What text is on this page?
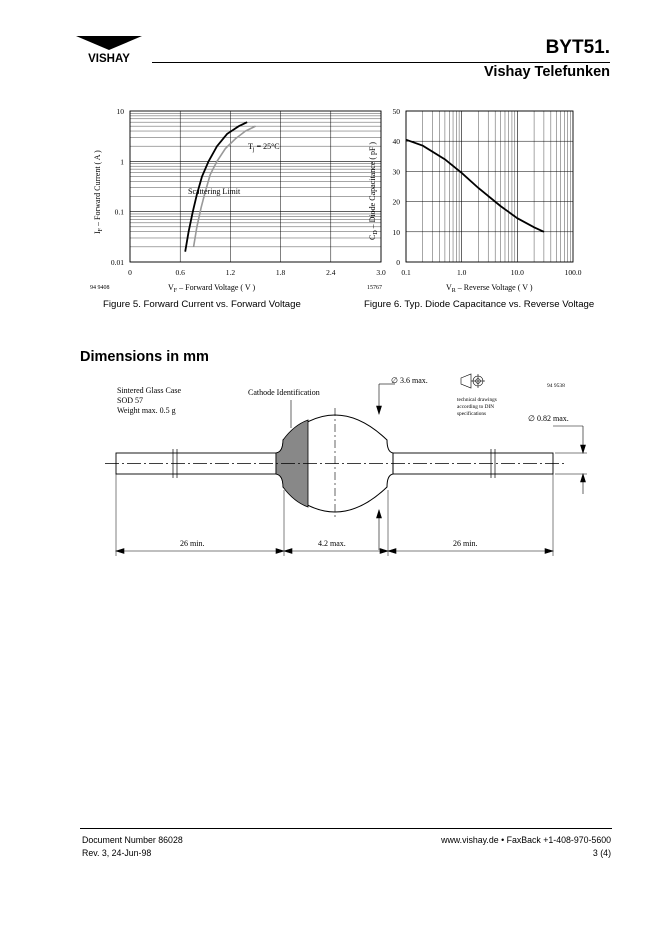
VISHAY
BYT51.
Vishay Telefunken
0.01
0.1
1
10
0	0.6	1.2	1.8	2.4	3.0
$T_j = 25^\circ C$
Scattering Limit
$I_F$ – Forward Current ( A )
$V_F$ – Forward Voltage ( V )
94 9408
Figure 5. Forward Current vs. Forward Voltage
0
10
20
30
40
50
0.1	1.0	10.0	100.0
$C_D$ – Diode Capacitance ( pF )
$V_R$ – Reverse Voltage ( V )
15767
Figure 6. Typ. Diode Capacitance vs. Reverse Voltage
Dimensions in mm
Sintered Glass Case
SOD 57
Weight max. 0.5 g
Cathode Identification
∅ 3.6 max.
94 9538
technical drawings
according to DIN
specifications	∅ 0.82 max.
26 min.	4.2 max.	26 min.
Document Number 86028
Rev. 3, 24-Jun-98
www.vishay.de • FaxBack +1-408-970-5600
3 (4)
